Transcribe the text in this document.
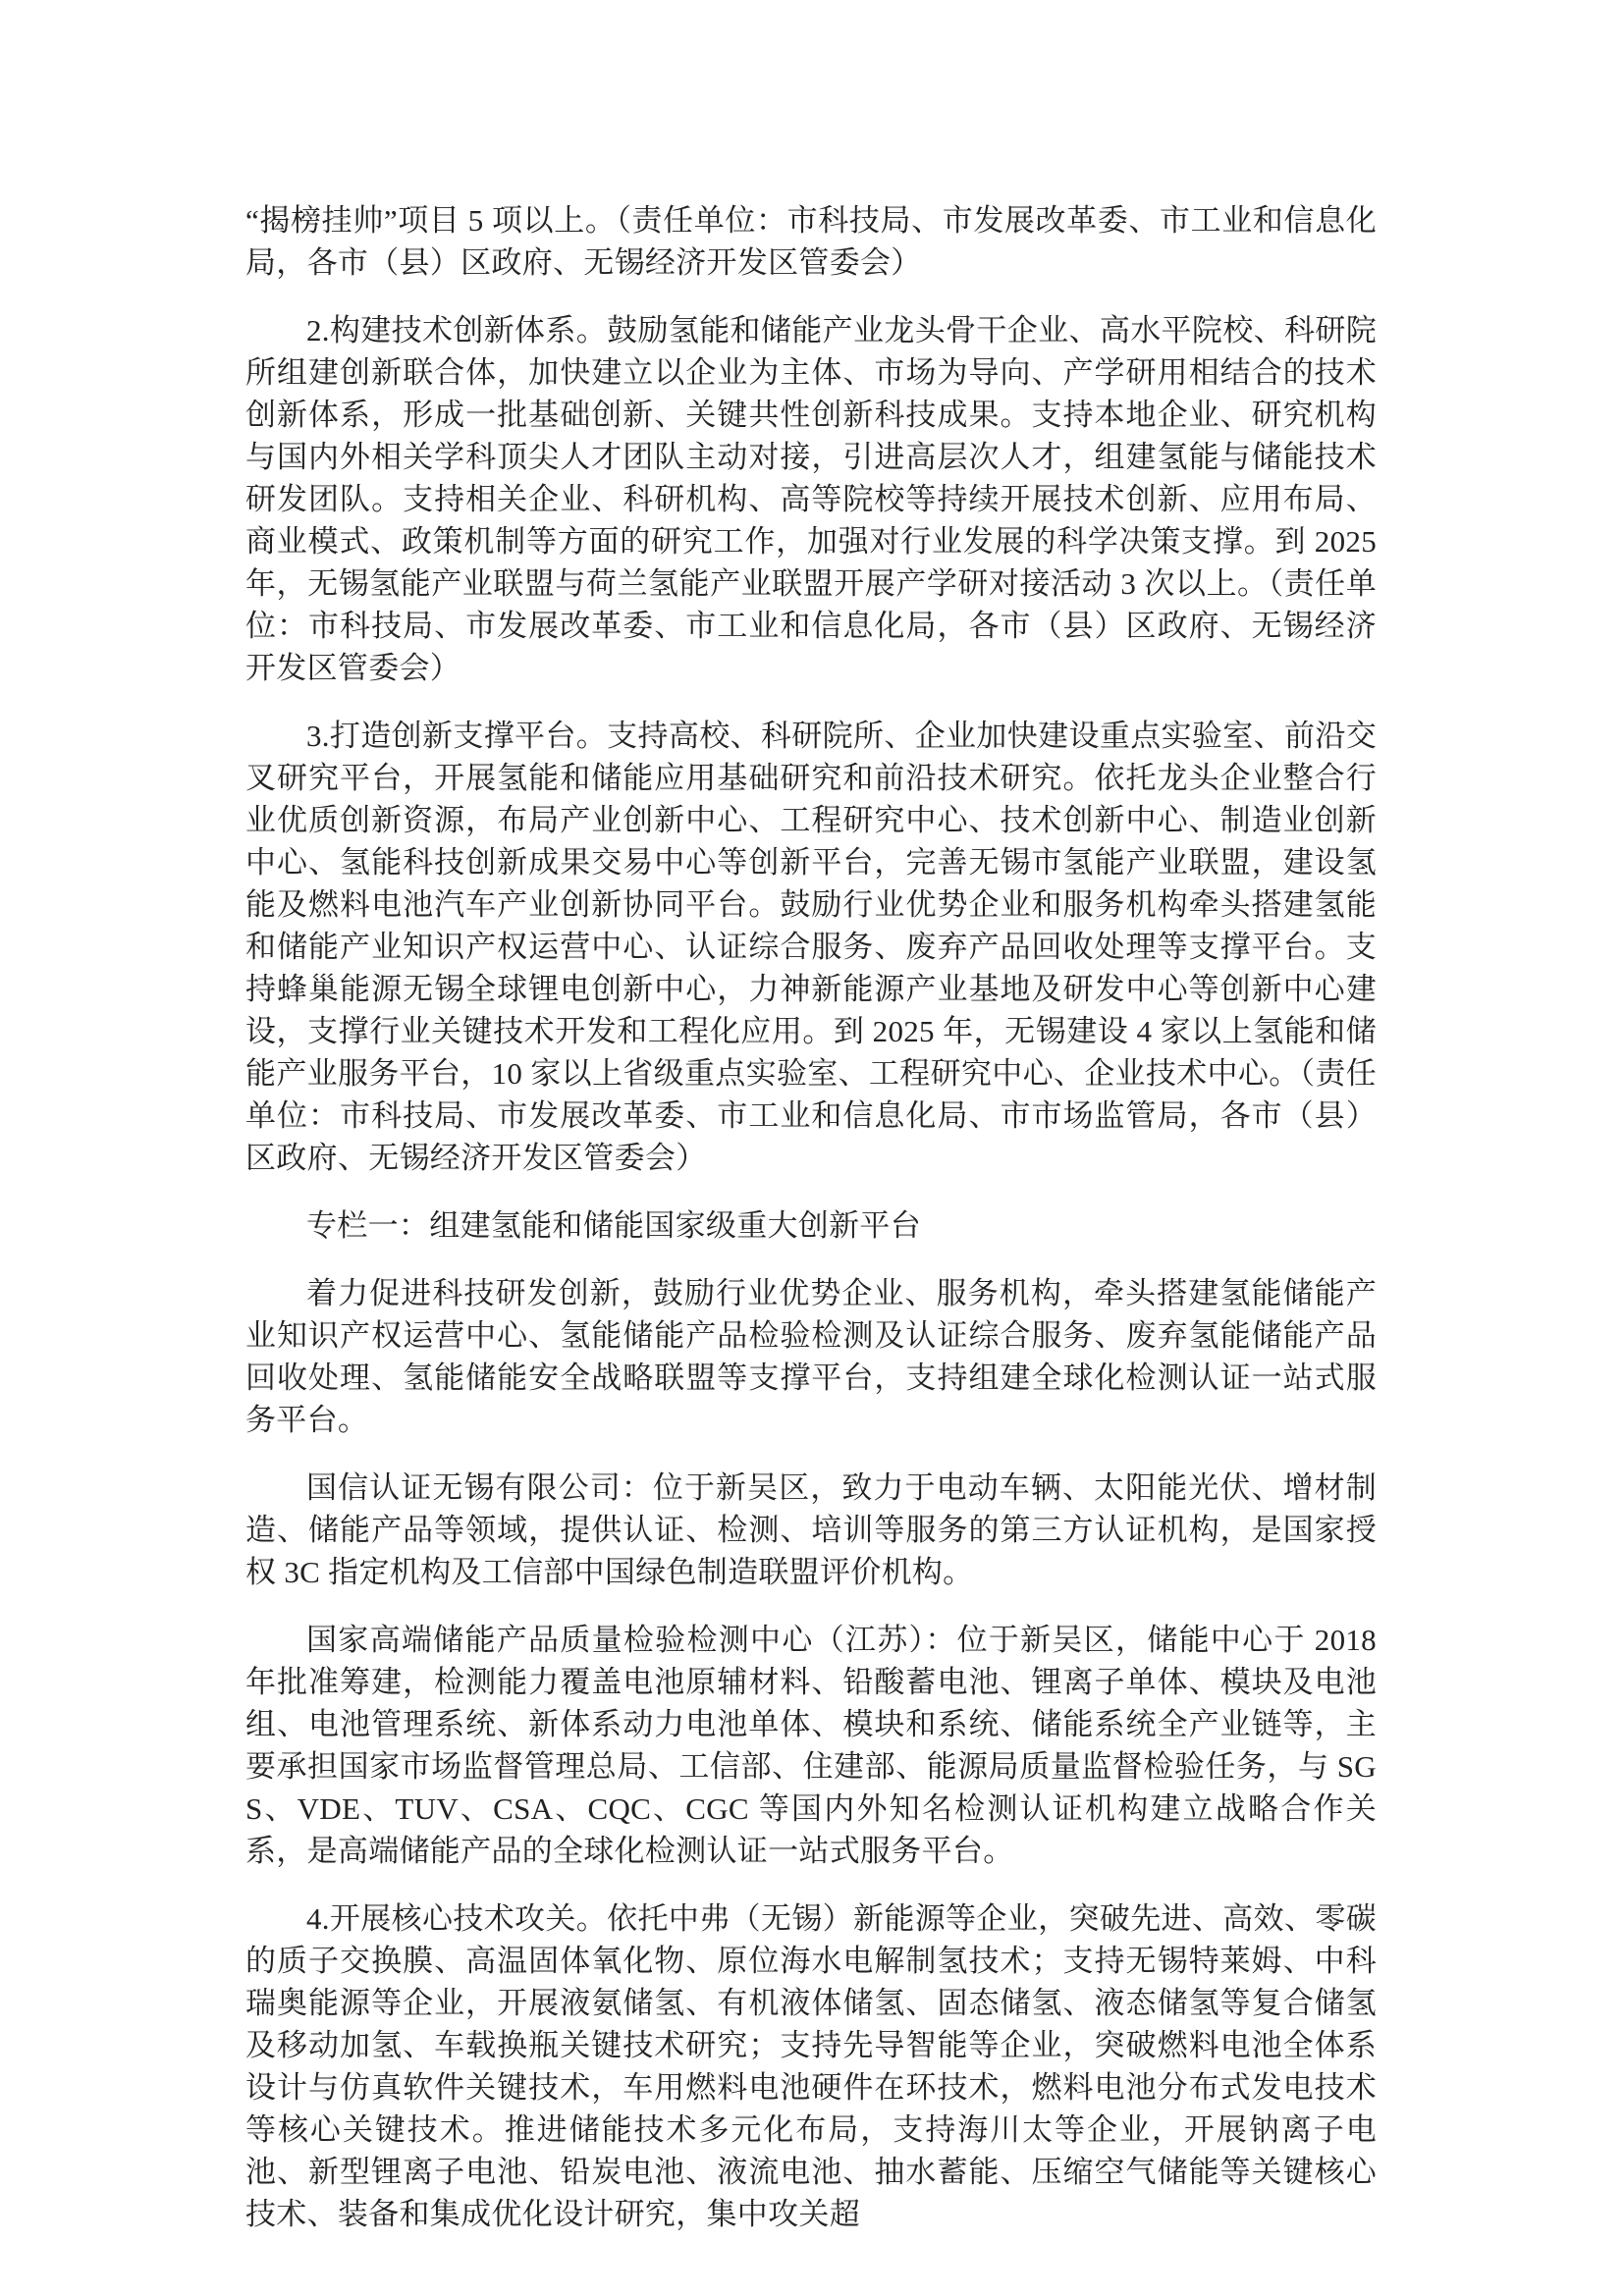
“揭榜挂帅”项目 5 项以上。（责任单位：市科技局、市发展改革委、市工业和信息化局，各市（县）区政府、无锡经济开发区管委会）

2.构建技术创新体系。鼓励氢能和储能产业龙头骨干企业、高水平院校、科研院所组建创新联合体，加快建立以企业为主体、市场为导向、产学研用相结合的技术创新体系，形成一批基础创新、关键共性创新科技成果。支持本地企业、研究机构与国内外相关学科顶尖人才团队主动对接，引进高层次人才，组建氢能与储能技术研发团队。支持相关企业、科研机构、高等院校等持续开展技术创新、应用布局、商业模式、政策机制等方面的研究工作，加强对行业发展的科学决策支撑。到 2025 年，无锡氢能产业联盟与荷兰氢能产业联盟开展产学研对接活动 3 次以上。（责任单位：市科技局、市发展改革委、市工业和信息化局，各市（县）区政府、无锡经济开发区管委会）

3.打造创新支撑平台。支持高校、科研院所、企业加快建设重点实验室、前沿交叉研究平台，开展氢能和储能应用基础研究和前沿技术研究。依托龙头企业整合行业优质创新资源，布局产业创新中心、工程研究中心、技术创新中心、制造业创新中心、氢能科技创新成果交易中心等创新平台，完善无锡市氢能产业联盟，建设氢能及燃料电池汽车产业创新协同平台。鼓励行业优势企业和服务机构牵头搭建氢能和储能产业知识产权运营中心、认证综合服务、废弃产品回收处理等支撑平台。支持蜂巢能源无锡全球锂电创新中心，力神新能源产业基地及研发中心等创新中心建设，支撑行业关键技术开发和工程化应用。到 2025 年，无锡建设 4 家以上氢能和储能产业服务平台，10 家以上省级重点实验室、工程研究中心、企业技术中心。（责任单位：市科技局、市发展改革委、市工业和信息化局、市市场监管局，各市（县）区政府、无锡经济开发区管委会）

专栏一：组建氢能和储能国家级重大创新平台

着力促进科技研发创新，鼓励行业优势企业、服务机构，牵头搭建氢能储能产业知识产权运营中心、氢能储能产品检验检测及认证综合服务、废弃氢能储能产品回收处理、氢能储能安全战略联盟等支撑平台，支持组建全球化检测认证一站式服务平台。

国信认证无锡有限公司：位于新吴区，致力于电动车辆、太阳能光伏、增材制造、储能产品等领域，提供认证、检测、培训等服务的第三方认证机构，是国家授权 3C 指定机构及工信部中国绿色制造联盟评价机构。

国家高端储能产品质量检验检测中心（江苏）：位于新吴区，储能中心于 2018 年批准筹建，检测能力覆盖电池原辅材料、铅酸蓄电池、锂离子单体、模块及电池组、电池管理系统、新体系动力电池单体、模块和系统、储能系统全产业链等，主要承担国家市场监督管理总局、工信部、住建部、能源局质量监督检验任务，与 SGS、VDE、TUV、CSA、CQC、CGC 等国内外知名检测认证机构建立战略合作关系，是高端储能产品的全球化检测认证一站式服务平台。

4.开展核心技术攻关。依托中弗（无锡）新能源等企业，突破先进、高效、零碳的质子交换膜、高温固体氧化物、原位海水电解制氢技术；支持无锡特莱姆、中科瑞奥能源等企业，开展液氨储氢、有机液体储氢、固态储氢、液态储氢等复合储氢及移动加氢、车载换瓶关键技术研究；支持先导智能等企业，突破燃料电池全体系设计与仿真软件关键技术，车用燃料电池硬件在环技术，燃料电池分布式发电技术等核心关键技术。推进储能技术多元化布局，支持海川太等企业，开展钠离子电池、新型锂离子电池、铅炭电池、液流电池、抽水蓄能、压缩空气储能等关键核心技术、装备和集成优化设计研究，集中攻关超
